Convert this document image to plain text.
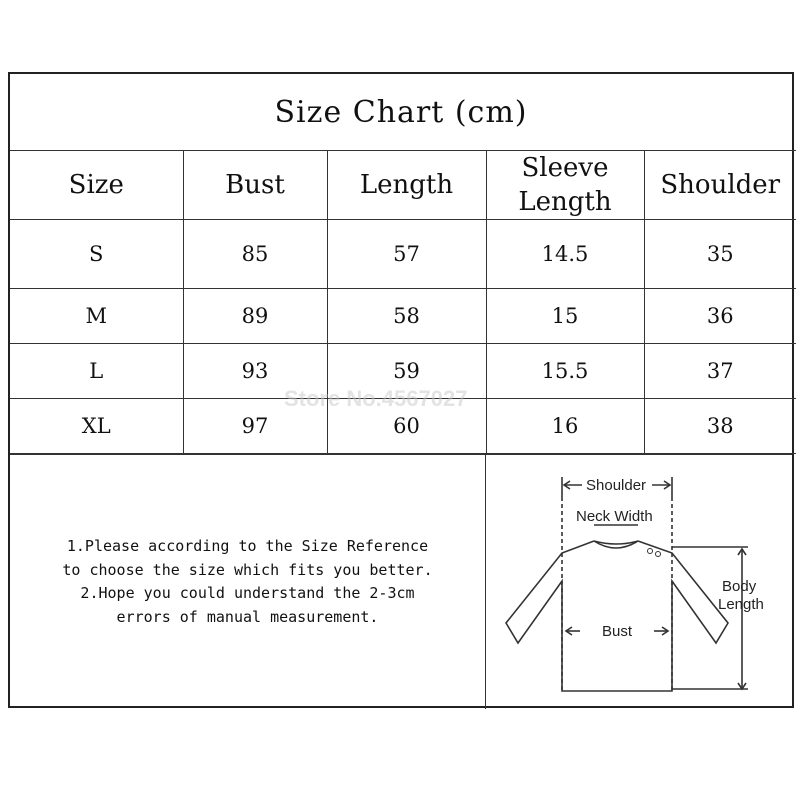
Size Chart (cm)
Size	Bust	Length	Sleeve Length	Shoulder
S	85	57	14.5	35
M	89	58	15	36
L	93	59	15.5	37
XL	97	60	16	38
1.Please according to the Size Reference
to choose the size which fits you better.
2.Hope you could understand the 2-3cm
errors of manual measurement.
Shoulder
Neck Width
Body
Length
Bust
Store No.4567027
